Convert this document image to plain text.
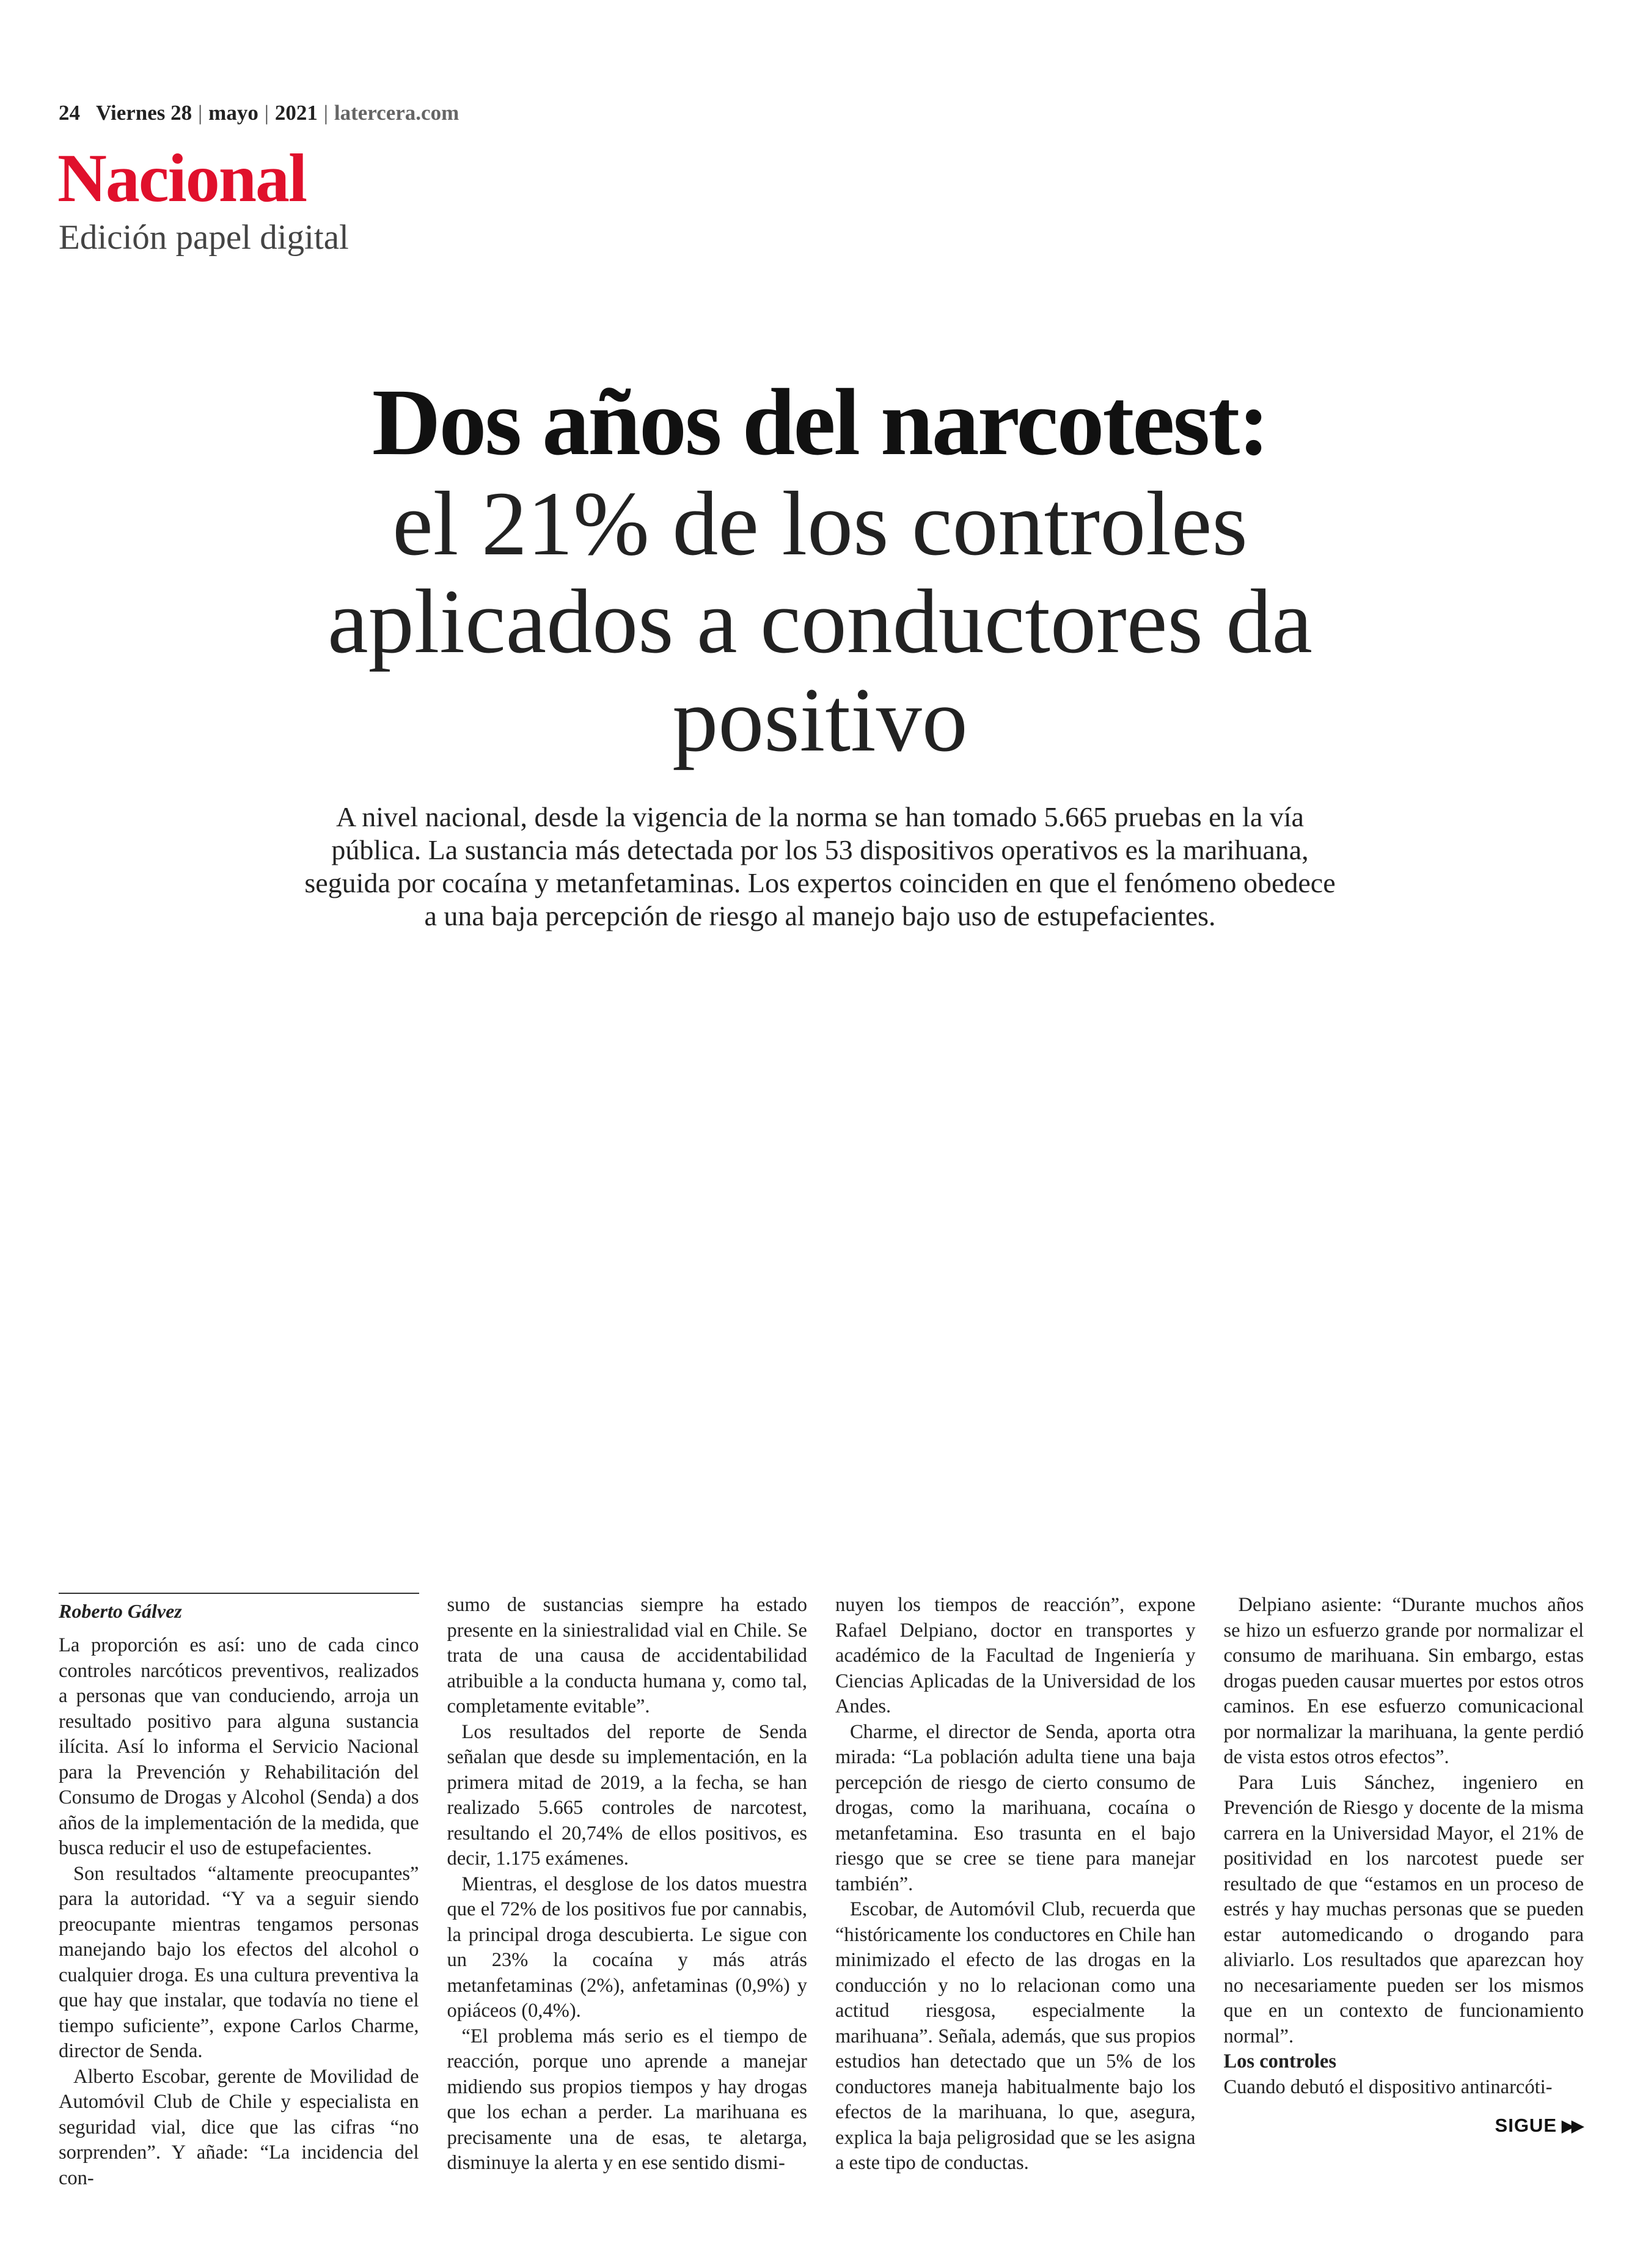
24 Viernes 28 | mayo | 2021 | latercera.com
Nacional
Edición papel digital
Dos años del narcotest:
el 21% de los controles aplicados a conductores da positivo
A nivel nacional, desde la vigencia de la norma se han tomado 5.665 pruebas en la vía pública. La sustancia más detectada por los 53 dispositivos operativos es la marihuana, seguida por cocaína y metanfetaminas. Los expertos coinciden en que el fenómeno obedece a una baja percepción de riesgo al manejo bajo uso de estupefacientes.
Roberto Gálvez

La proporción es así: uno de cada cinco controles narcóticos preventivos, realizados a personas que van conduciendo, arroja un resultado positivo para alguna sustancia ilícita. Así lo informa el Servicio Nacional para la Prevención y Rehabilitación del Consumo de Drogas y Alcohol (Senda) a dos años de la implementación de la medida, que busca reducir el uso de estupefacientes.

Son resultados “altamente preocupantes” para la autoridad. “Y va a seguir siendo preocupante mientras tengamos personas manejando bajo los efectos del alcohol o cualquier droga. Es una cultura preventiva la que hay que instalar, que todavía no tiene el tiempo suficiente”, expone Carlos Charme, director de Senda.

Alberto Escobar, gerente de Movilidad de Automóvil Club de Chile y especialista en seguridad vial, dice que las cifras “no sorprenden”. Y añade: “La incidencia del con-

sumo de sustancias siempre ha estado presente en la siniestralidad vial en Chile. Se trata de una causa de accidentabilidad atribuible a la conducta humana y, como tal, completamente evitable”.

Los resultados del reporte de Senda señalan que desde su implementación, en la primera mitad de 2019, a la fecha, se han realizado 5.665 controles de narcotest, resultando el 20,74% de ellos positivos, es decir, 1.175 exámenes.

Mientras, el desglose de los datos muestra que el 72% de los positivos fue por cannabis, la principal droga descubierta. Le sigue con un 23% la cocaína y más atrás metanfetaminas (2%), anfetaminas (0,9%) y opiáceos (0,4%).

“El problema más serio es el tiempo de reacción, porque uno aprende a manejar midiendo sus propios tiempos y hay drogas que los echan a perder. La marihuana es precisamente una de esas, te aletarga, disminuye la alerta y en ese sentido dismi-

nuyen los tiempos de reacción”, expone Rafael Delpiano, doctor en transportes y académico de la Facultad de Ingeniería y Ciencias Aplicadas de la Universidad de los Andes.

Charme, el director de Senda, aporta otra mirada: “La población adulta tiene una baja percepción de riesgo de cierto consumo de drogas, como la marihuana, cocaína o metanfetamina. Eso trasunta en el bajo riesgo que se cree se tiene para manejar también”.

Escobar, de Automóvil Club, recuerda que “históricamente los conductores en Chile han minimizado el efecto de las drogas en la conducción y no lo relacionan como una actitud riesgosa, especialmente la marihuana”. Señala, además, que sus propios estudios han detectado que un 5% de los conductores maneja habitualmente bajo los efectos de la marihuana, lo que, asegura, explica la baja peligrosidad que se les asigna a este tipo de conductas.

Delpiano asiente: “Durante muchos años se hizo un esfuerzo grande por normalizar el consumo de marihuana. Sin embargo, estas drogas pueden causar muertes por estos otros caminos. En ese esfuerzo comunicacional por normalizar la marihuana, la gente perdió de vista estos otros efectos”.

Para Luis Sánchez, ingeniero en Prevención de Riesgo y docente de la misma carrera en la Universidad Mayor, el 21% de positividad en los narcotest puede ser resultado de que “estamos en un proceso de estrés y hay muchas personas que se pueden estar automedicando o drogando para aliviarlo. Los resultados que aparezcan hoy no necesariamente pueden ser los mismos que en un contexto de funcionamiento normal”.

Los controles

Cuando debutó el dispositivo antinarcóti-

SIGUE ▶▶
